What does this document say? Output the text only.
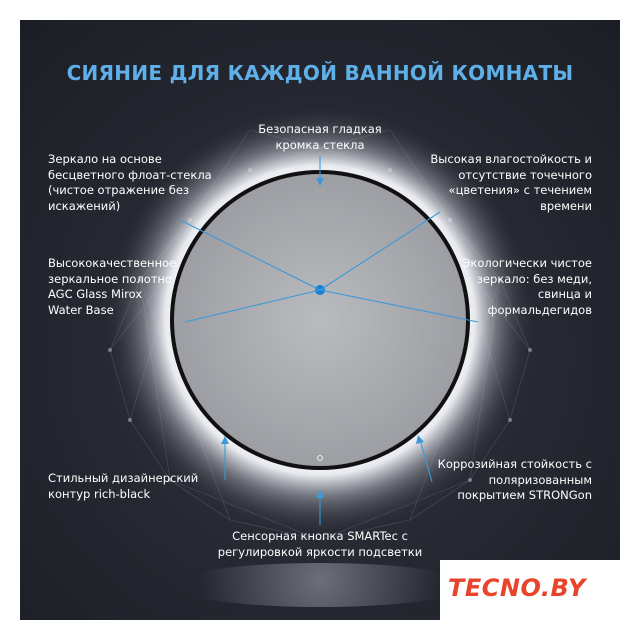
СИЯНИЕ ДЛЯ КАЖДОЙ ВАННОЙ КОМНАТЫ
Безопасная гладкая кромка стекла
Зеркало на основе бесцветного флоат-стекла (чистое отражение без искажений)
Высокая влагостойкость и отсутствие точечного «цветения» с течением времени
Высококачественное зеркальное полотно AGC Glass Mirox Water Base
Экологически чистое зеркало: без меди, свинца и формальдегидов
Стильный дизайнерский контур rich-black
Коррозийная стойкость с поляризованным покрытием STRONGon
Сенсорная кнопка SMARTec с регулировкой яркости подсветки
TECNO.BY
